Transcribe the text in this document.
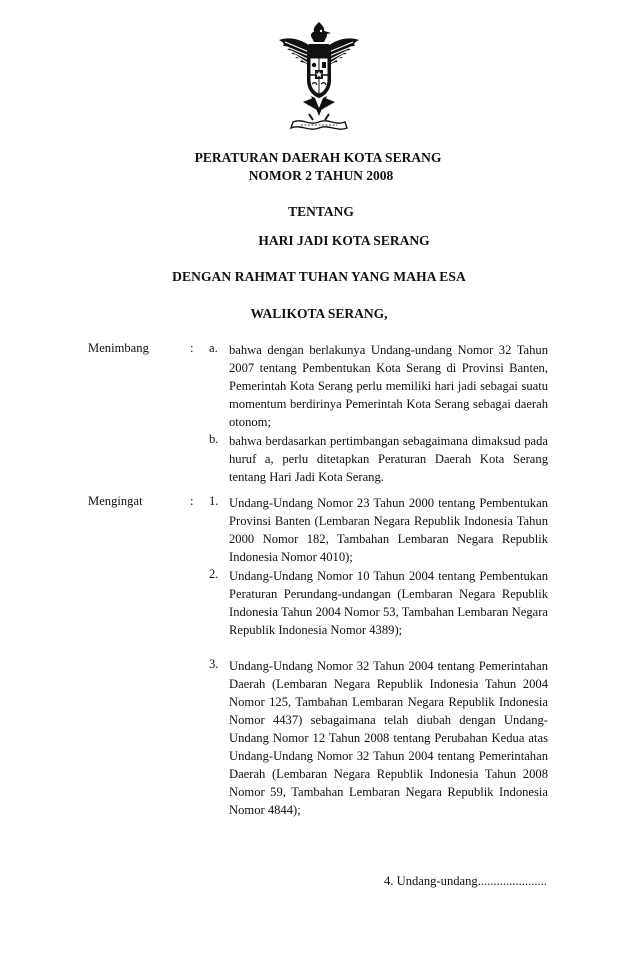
PERATURAN DAERAH KOTA SERANG
NOMOR 2 TAHUN 2008
TENTANG
HARI JADI KOTA SERANG
DENGAN RAHMAT TUHAN YANG MAHA ESA
WALIKOTA SERANG,
Menimbang	: a. bahwa dengan berlakunya Undang-undang Nomor 32 Tahun 2007 tentang Pembentukan Kota Serang di Provinsi Banten, Pemerintah Kota Serang perlu memiliki hari jadi sebagai suatu momentum berdirinya Pemerintah Kota Serang sebagai daerah otonom;
b. bahwa berdasarkan pertimbangan sebagaimana dimaksud pada huruf a, perlu ditetapkan Peraturan Daerah Kota Serang tentang Hari Jadi Kota Serang.
Mengingat	: 1. Undang-Undang Nomor 23 Tahun 2000 tentang Pembentukan Provinsi Banten (Lembaran Negara Republik Indonesia Tahun 2000 Nomor 182, Tambahan Lembaran Negara Republik Indonesia Nomor 4010);
2. Undang-Undang Nomor 10 Tahun 2004 tentang Pembentukan Peraturan Perundang-undangan (Lembaran Negara Republik Indonesia Tahun 2004 Nomor 53, Tambahan Lembaran Negara Republik Indonesia Nomor 4389);
3. Undang-Undang Nomor 32 Tahun 2004 tentang Pemerintahan Daerah (Lembaran Negara Republik Indonesia Tahun 2004 Nomor 125, Tambahan Lembaran Negara Republik Indonesia Nomor 4437) sebagaimana telah diubah dengan Undang-Undang Nomor 12 Tahun 2008 tentang Perubahan Kedua atas Undang-Undang Nomor 32 Tahun 2004 tentang Pemerintahan Daerah (Lembaran Negara Republik Indonesia Tahun 2008 Nomor 59, Tambahan Lembaran Negara Republik Indonesia Nomor 4844);
4. Undang-undang......................
